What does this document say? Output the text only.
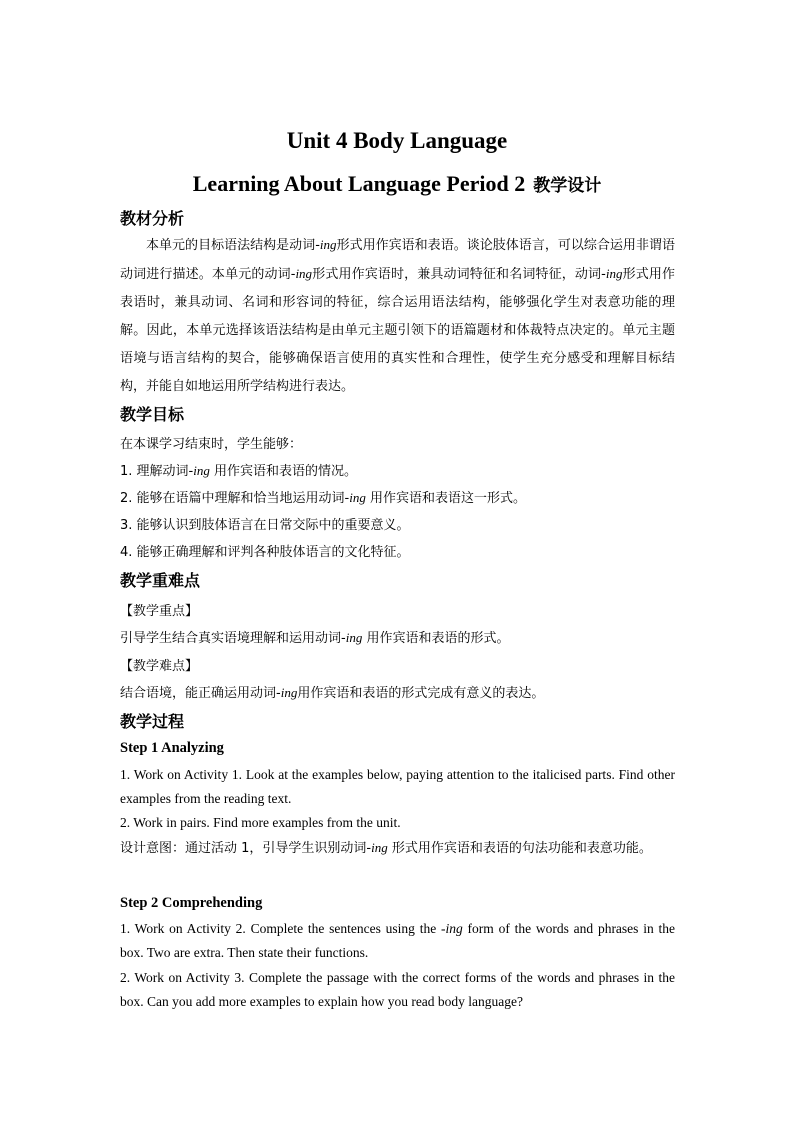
Unit 4 Body Language
Learning About Language Period 2 教学设计
教材分析
本单元的目标语法结构是动词-ing形式用作宾语和表语。谈论肢体语言，可以综合运用非谓语动词进行描述。本单元的动词-ing形式用作宾语时，兼具动词特征和名词特征，动词-ing形式用作表语时，兼具动词、名词和形容词的特征，综合运用语法结构，能够强化学生对表意功能的理解。因此，本单元选择该语法结构是由单元主题引领下的语篇题材和体裁特点决定的。单元主题语境与语言结构的契合，能够确保语言使用的真实性和合理性，使学生充分感受和理解目标结构，并能自如地运用所学结构进行表达。
教学目标
在本课学习结束时，学生能够：
1. 理解动词-ing 用作宾语和表语的情况。
2. 能够在语篇中理解和恰当地运用动词-ing 用作宾语和表语这一形式。
3. 能够认识到肢体语言在日常交际中的重要意义。
4. 能够正确理解和评判各种肢体语言的文化特征。
教学重难点
【教学重点】
引导学生结合真实语境理解和运用动词-ing 用作宾语和表语的形式。
【教学难点】
结合语境，能正确运用动词-ing用作宾语和表语的形式完成有意义的表达。
教学过程
Step 1 Analyzing
1. Work on Activity 1. Look at the examples below, paying attention to the italicised parts. Find other examples from the reading text.
2. Work in pairs. Find more examples from the unit.
设计意图：通过活动 1，引导学生识别动词-ing 形式用作宾语和表语的句法功能和表意功能。
Step 2 Comprehending
1. Work on Activity 2. Complete the sentences using the -ing form of the words and phrases in the box. Two are extra. Then state their functions.
2. Work on Activity 3. Complete the passage with the correct forms of the words and phrases in the box. Can you add more examples to explain how you read body language?
